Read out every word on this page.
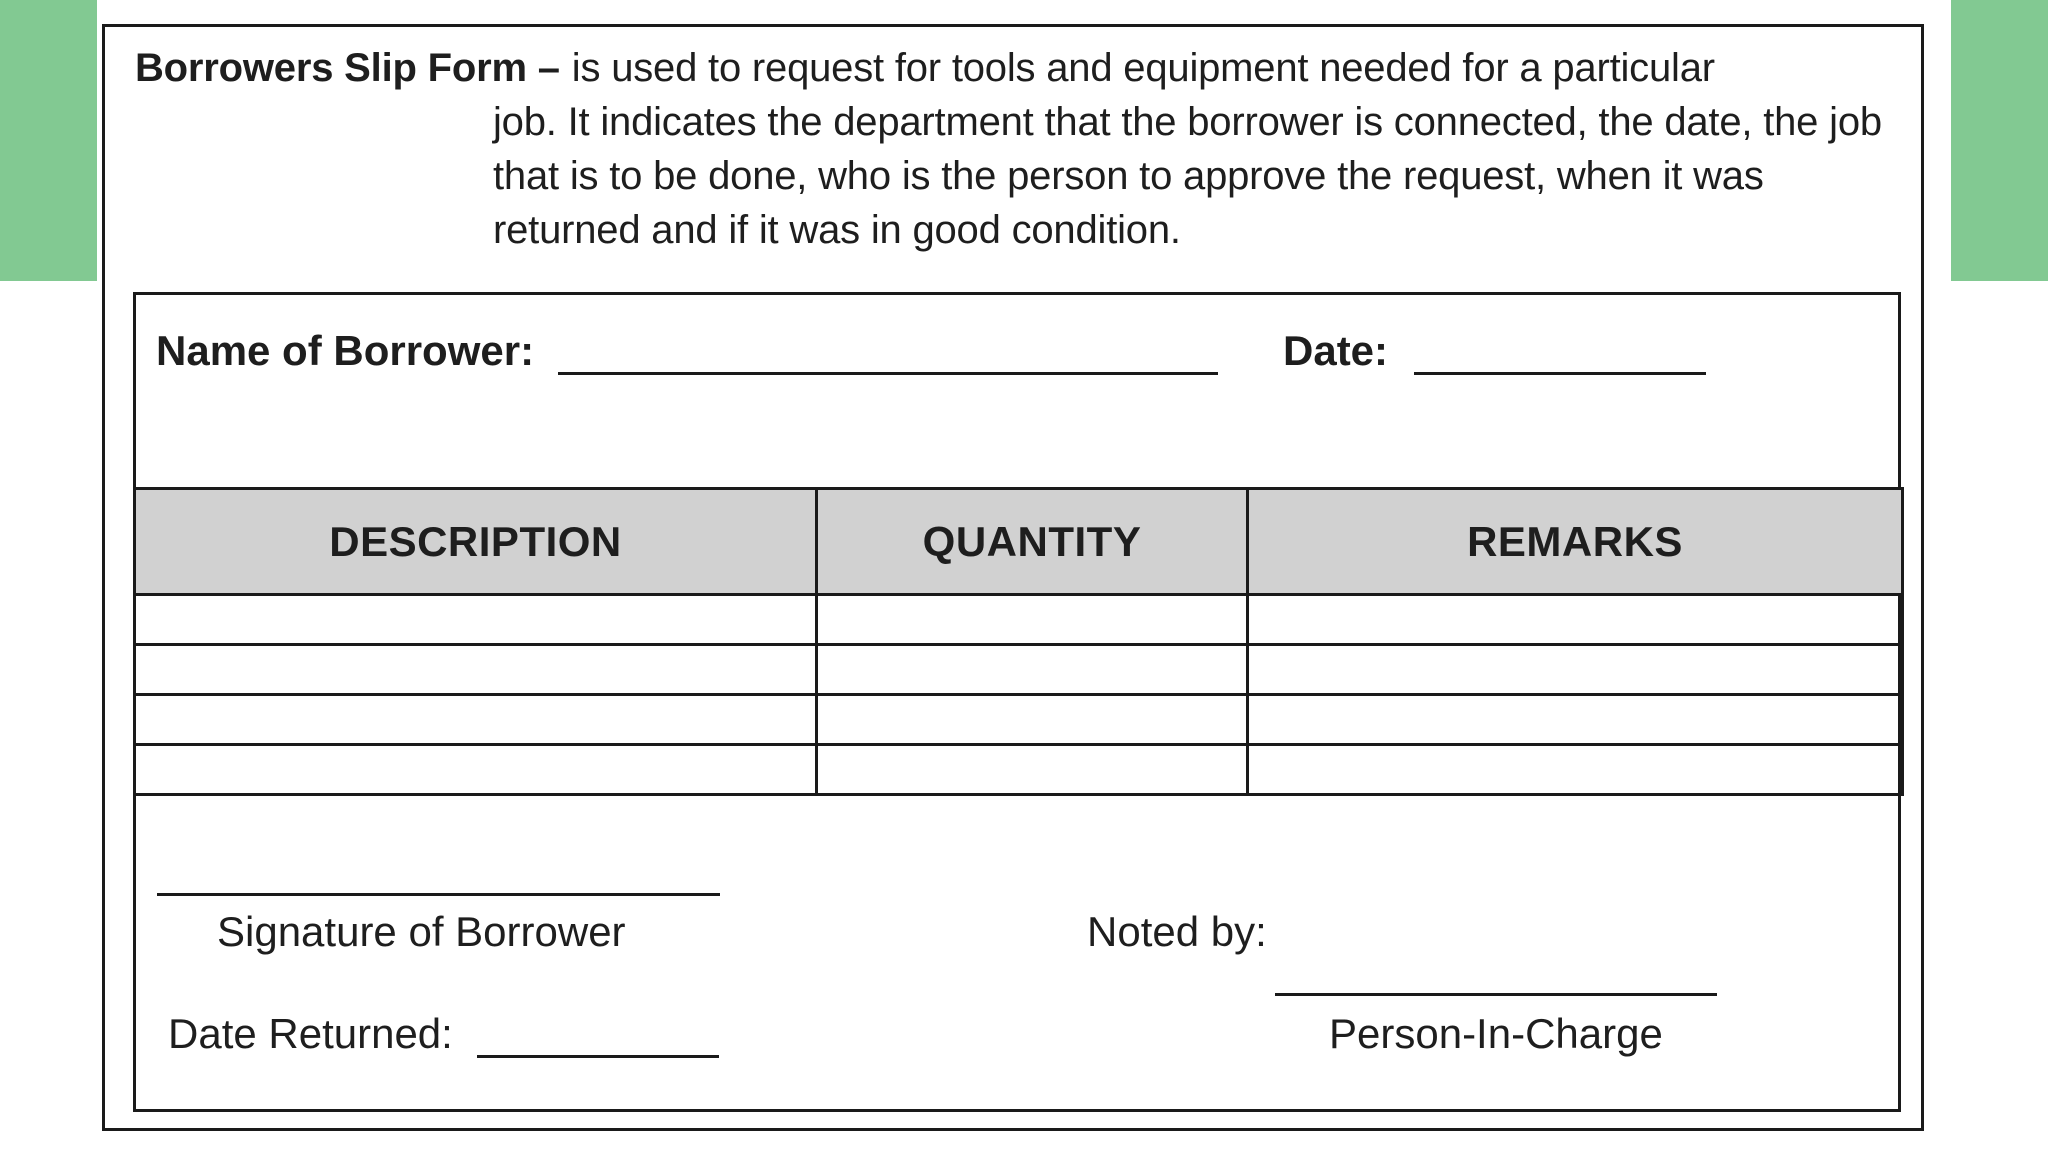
Borrowers Slip Form – is used to request for tools and equipment needed for a particular
job. It indicates the department that the borrower is connected, the date, the job that is to be done, who is the person to approve the request, when it was returned and if it was in good condition.
Name of Borrower:	Date:
DESCRIPTION	QUANTITY	REMARKS

Signature of Borrower
Date Returned:
Noted by:
Person-In-Charge
